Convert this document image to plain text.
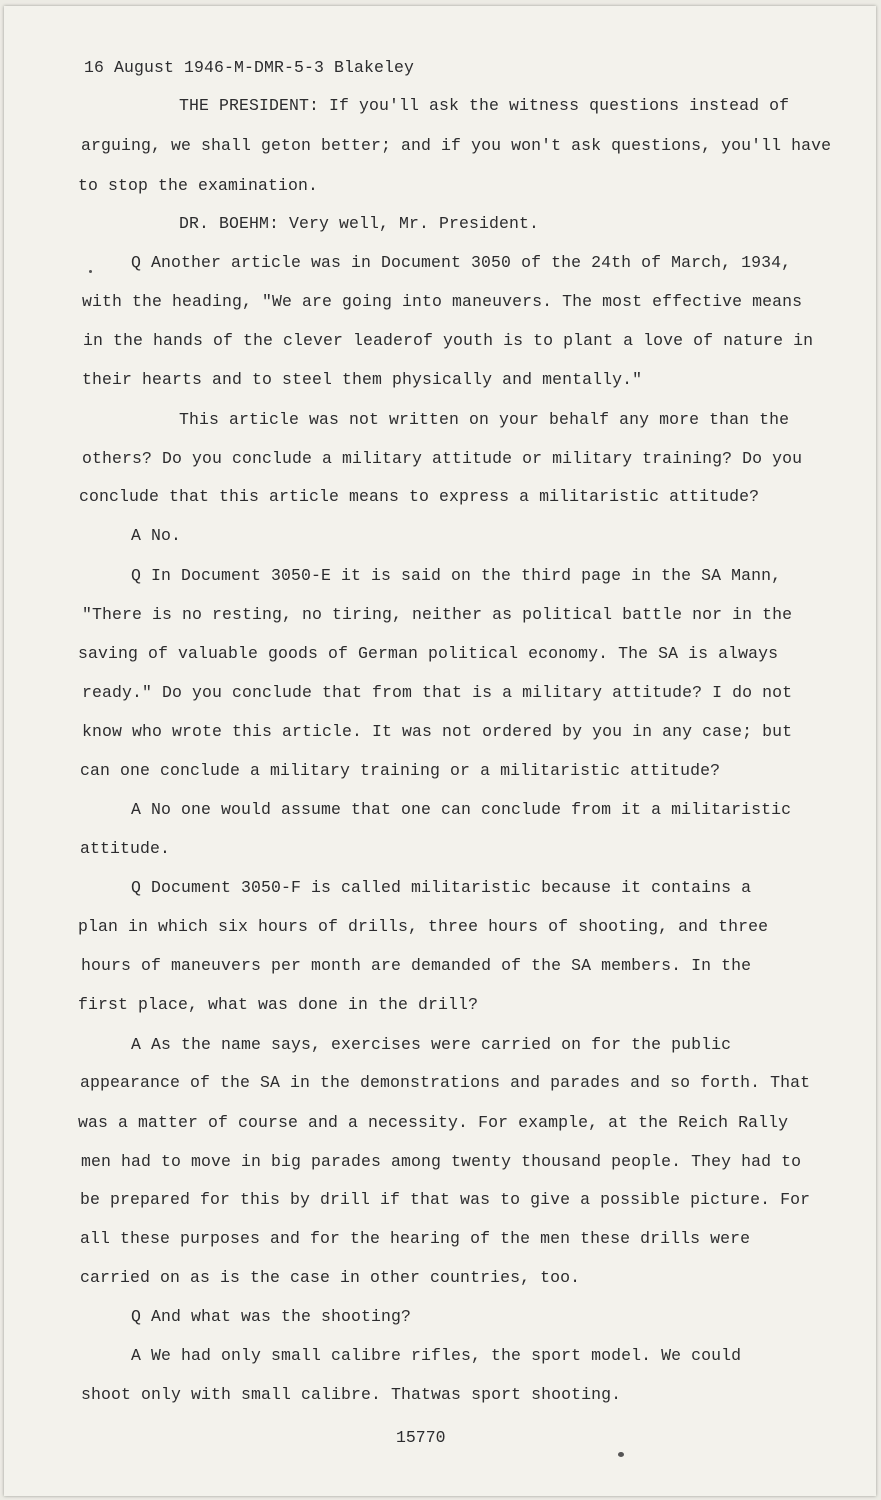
16 August 1946-M-DMR-5-3 Blakeley
THE PRESIDENT: If you'll ask the witness questions instead of
arguing, we shall geton better; and if you won't ask questions, you'll have
to stop the examination.
DR. BOEHM: Very well, Mr. President.
Q Another article was in Document 3050 of the 24th of March, 1934,
with the heading, "We are going into maneuvers. The most effective means
in the hands of the clever leaderof youth is to plant a love of nature in
their hearts and to steel them physically and mentally."
This article was not written on your behalf any more than the
others? Do you conclude a military attitude or military training? Do you
conclude that this article means to express a militaristic attitude?
A No.
Q In Document 3050-E it is said on the third page in the SA Mann,
"There is no resting, no tiring, neither as political battle nor in the
saving of valuable goods of German political economy. The SA is always
ready." Do you conclude that from that is a military attitude? I do not
know who wrote this article. It was not ordered by you in any case; but
can one conclude a military training or a militaristic attitude?
A No one would assume that one can conclude from it a militaristic
attitude.
Q Document 3050-F is called militaristic because it contains a
plan in which six hours of drills, three hours of shooting, and three
hours of maneuvers per month are demanded of the SA members. In the
first place, what was done in the drill?
A As the name says, exercises were carried on for the public
appearance of the SA in the demonstrations and parades and so forth. That
was a matter of course and a necessity. For example, at the Reich Rally
men had to move in big parades among twenty thousand people. They had to
be prepared for this by drill if that was to give a possible picture. For
all these purposes and for the hearing of the men these drills were
carried on as is the case in other countries, too.
Q And what was the shooting?
A We had only small calibre rifles, the sport model. We could
shoot only with small calibre. Thatwas sport shooting.
15770
